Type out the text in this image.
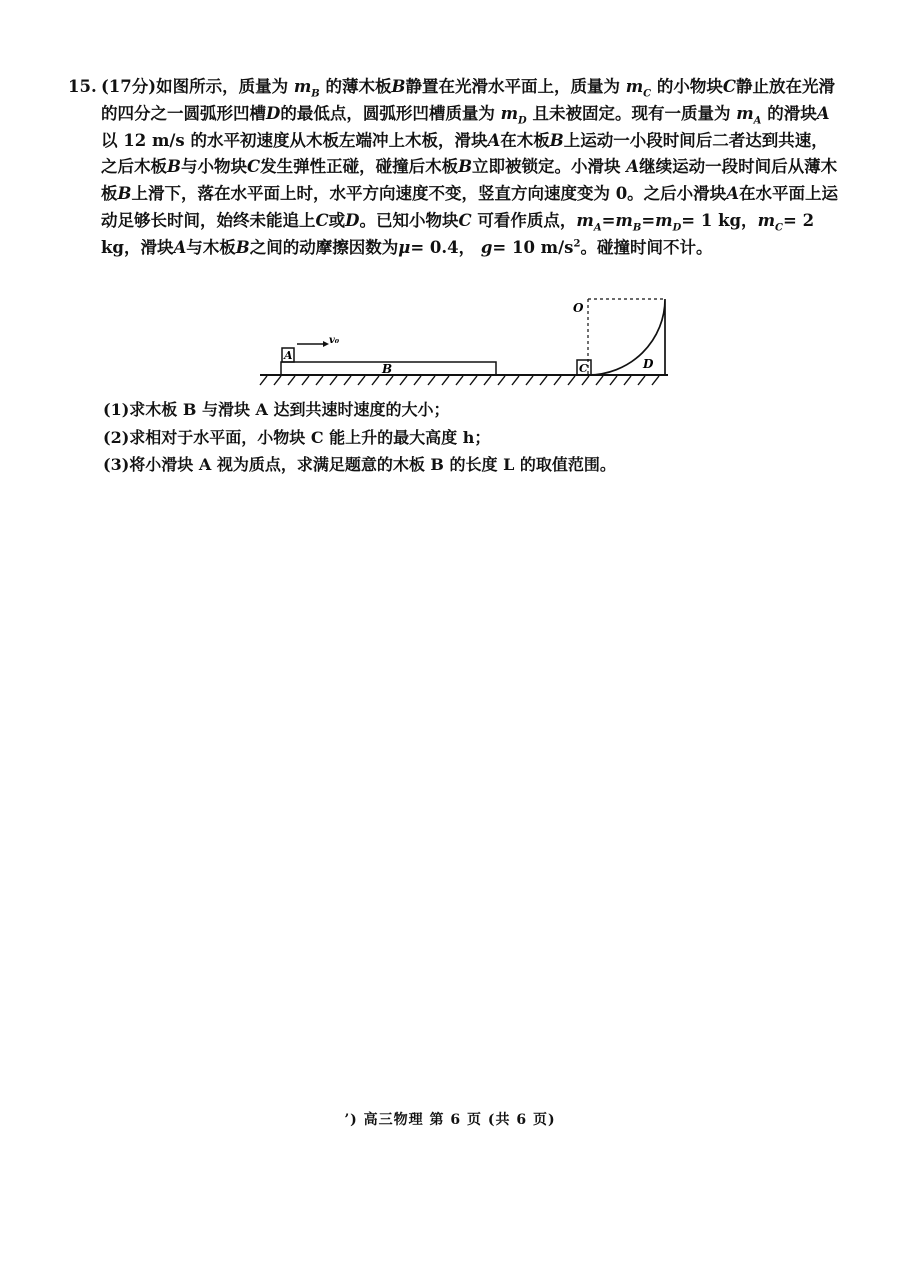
15. (17分)如图所示，质量为 $m_B$ 的薄木板B静置在光滑水平面上，质量为 $m_C$ 的小物块C静止放在光滑的四分之一圆弧形凹槽D的最低点，圆弧形凹槽质量为 $m_D$ 且未被固定。现有一质量为 $m_A$ 的滑块A以 12 m/s 的水平初速度从木板左端冲上木板，滑块A在木板B上运动一小段时间后二者达到共速，之后木板B与小物块C发生弹性正碰，碰撞后木板B立即被锁定。小滑块 A继续运动一段时间后从薄木板B上滑下，落在水平面上时，水平方向速度不变，竖直方向速度变为 0。之后小滑块A在水平面上运动足够长时间，始终未能追上C或D。已知小物块C 可看作质点，$m_A=m_B=m_D= 1$ kg，$m_C= 2$ kg，滑块A与木板B之间的动摩擦因数为μ= 0.4， g= 10 $m/s^2$。碰撞时间不计。
B
A
v₀
O
D
C
(1)求木板 B 与滑块 A 达到共速时速度的大小；
(2)求相对于水平面，小物块 C 能上升的最大高度 h；
(3)将小滑块 A 视为质点，求满足题意的木板 B 的长度 L 的取值范围。
’) 高三物理 第 6 页 (共 6 页)
